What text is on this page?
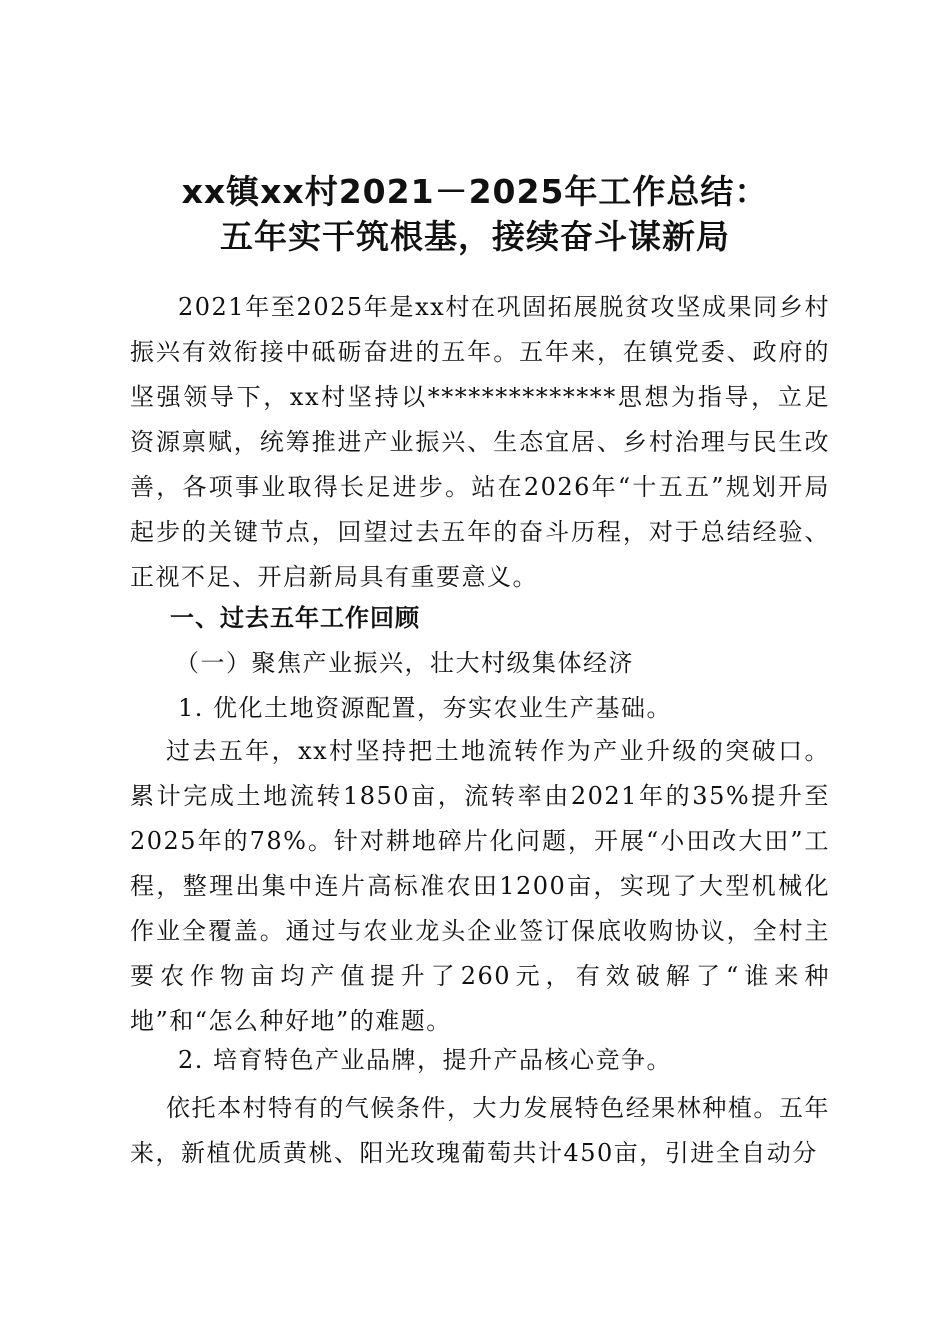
xx镇xx村2021－2025年工作总结：
五年实干筑根基，接续奋斗谋新局
2021年至2025年是xx村在巩固拓展脱贫攻坚成果同乡村振兴有效衔接中砥砺奋进的五年。五年来，在镇党委、政府的坚强领导下，xx村坚持以**************思想为指导，立足资源禀赋，统筹推进产业振兴、生态宜居、乡村治理与民生改善，各项事业取得长足进步。站在2026年“十五五”规划开局起步的关键节点，回望过去五年的奋斗历程，对于总结经验、正视不足、开启新局具有重要意义。
一、过去五年工作回顾
（一）聚焦产业振兴，壮大村级集体经济
1. 优化土地资源配置，夯实农业生产基础。
过去五年，xx村坚持把土地流转作为产业升级的突破口。累计完成土地流转1850亩，流转率由2021年的35%提升至2025年的78%。针对耕地碎片化问题，开展“小田改大田”工程，整理出集中连片高标准农田1200亩，实现了大型机械化作业全覆盖。通过与农业龙头企业签订保底收购协议，全村主要农作物亩均产值提升了260元，有效破解了“谁来种地”和“怎么种好地”的难题。
2. 培育特色产业品牌，提升产品核心竞争。
依托本村特有的气候条件，大力发展特色经果林种植。五年来，新植优质黄桃、阳光玫瑰葡萄共计450亩，引进全自动分
